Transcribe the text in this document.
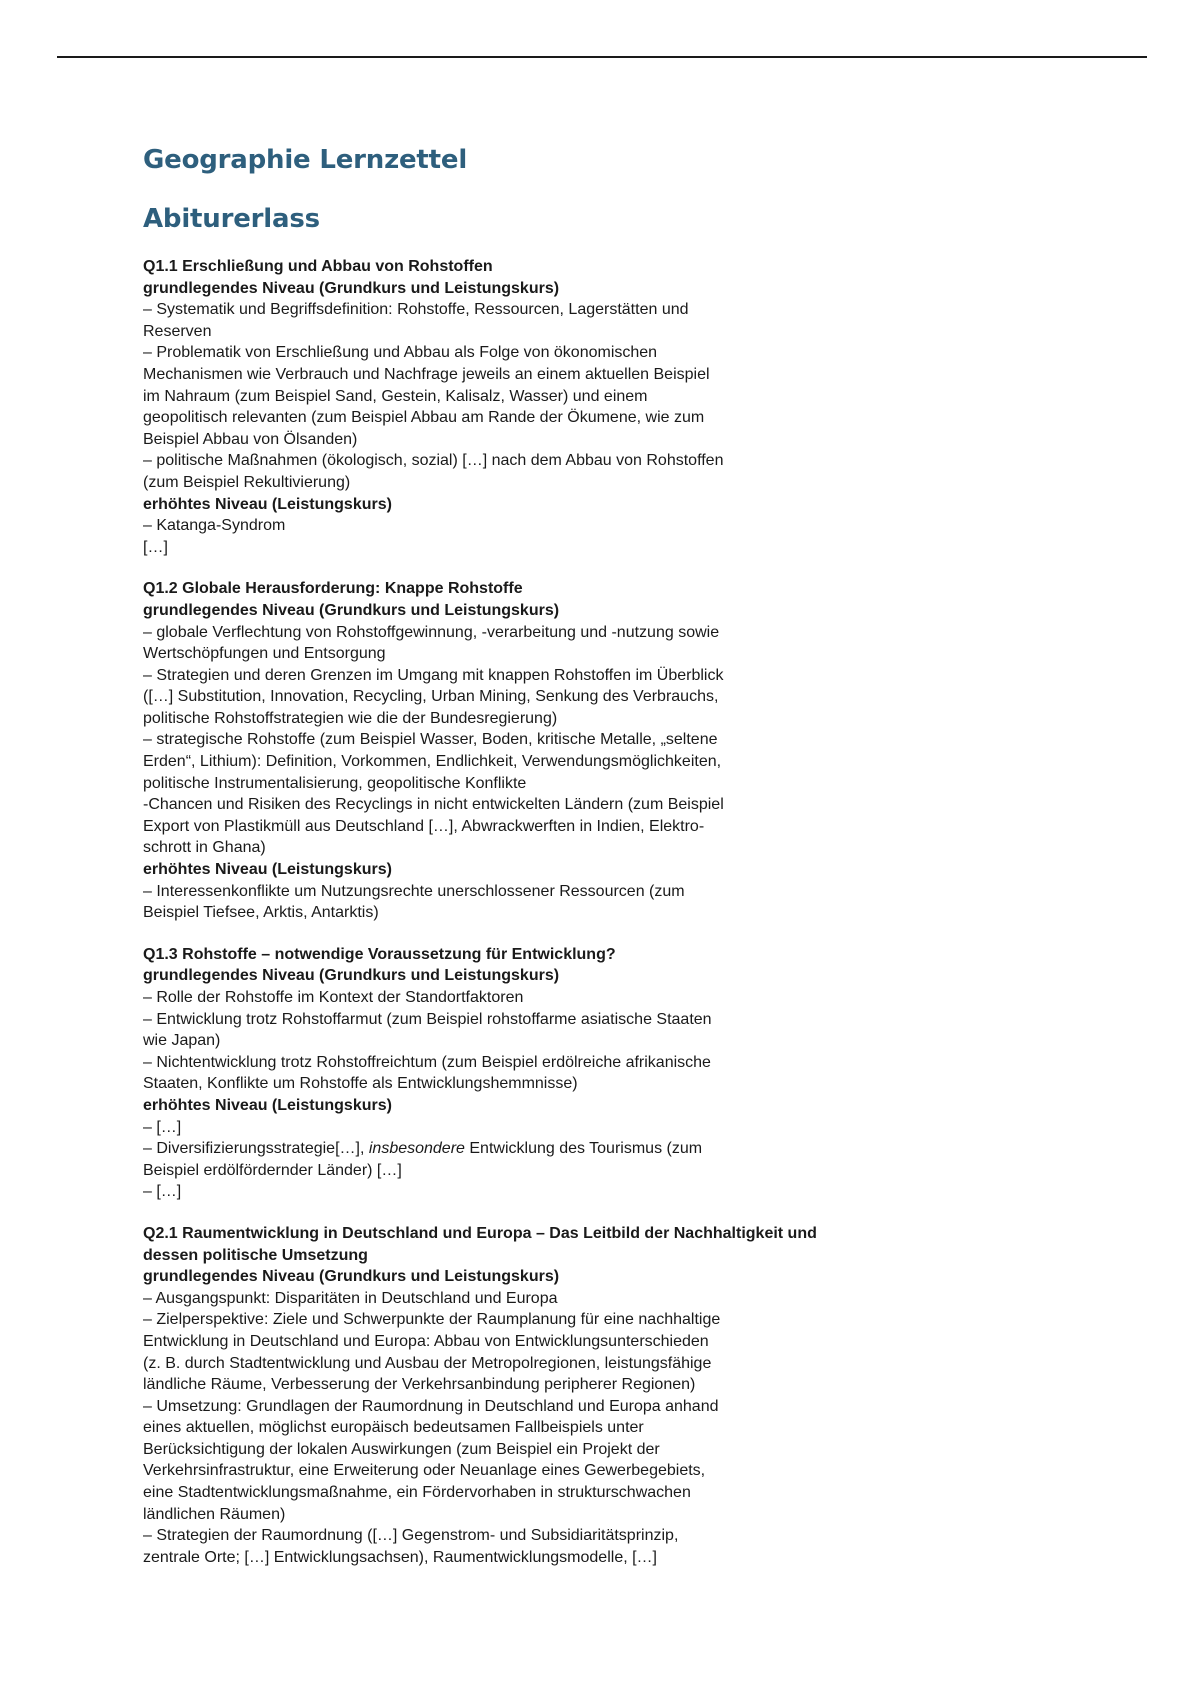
Geographie Lernzettel
Abiturerlass
Q1.1 Erschließung und Abbau von Rohstoffen
grundlegendes Niveau (Grundkurs und Leistungskurs)
– Systematik und Begriffsdefinition: Rohstoffe, Ressourcen, Lagerstätten und
Reserven
– Problematik von Erschließung und Abbau als Folge von ökonomischen
Mechanismen wie Verbrauch und Nachfrage jeweils an einem aktuellen Beispiel
im Nahraum (zum Beispiel Sand, Gestein, Kalisalz, Wasser) und einem
geopolitisch relevanten (zum Beispiel Abbau am Rande der Ökumene, wie zum
Beispiel Abbau von Ölsanden)
– politische Maßnahmen (ökologisch, sozial) […] nach dem Abbau von Rohstoffen
(zum Beispiel Rekultivierung)
erhöhtes Niveau (Leistungskurs)
– Katanga-Syndrom
[…]
Q1.2 Globale Herausforderung: Knappe Rohstoffe
grundlegendes Niveau (Grundkurs und Leistungskurs)
– globale Verflechtung von Rohstoffgewinnung, -verarbeitung und -nutzung sowie
Wertschöpfungen und Entsorgung
– Strategien und deren Grenzen im Umgang mit knappen Rohstoffen im Überblick
([…] Substitution, Innovation, Recycling, Urban Mining, Senkung des Verbrauchs,
politische Rohstoffstrategien wie die der Bundesregierung)
– strategische Rohstoffe (zum Beispiel Wasser, Boden, kritische Metalle, „seltene
Erden“, Lithium): Definition, Vorkommen, Endlichkeit, Verwendungsmöglichkeiten,
politische Instrumentalisierung, geopolitische Konflikte
-Chancen und Risiken des Recyclings in nicht entwickelten Ländern (zum Beispiel
Export von Plastikmüll aus Deutschland […], Abwrackwerften in Indien, Elektro-
schrott in Ghana)
erhöhtes Niveau (Leistungskurs)
– Interessenkonflikte um Nutzungsrechte unerschlossener Ressourcen (zum
Beispiel Tiefsee, Arktis, Antarktis)
Q1.3 Rohstoffe – notwendige Voraussetzung für Entwicklung?
grundlegendes Niveau (Grundkurs und Leistungskurs)
– Rolle der Rohstoffe im Kontext der Standortfaktoren
– Entwicklung trotz Rohstoffarmut (zum Beispiel rohstoffarme asiatische Staaten
wie Japan)
– Nichtentwicklung trotz Rohstoffreichtum (zum Beispiel erdölreiche afrikanische
Staaten, Konflikte um Rohstoffe als Entwicklungshemmnisse)
erhöhtes Niveau (Leistungskurs)
– […]
– Diversifizierungsstrategie[…], insbesondere Entwicklung des Tourismus (zum
Beispiel erdölfördernder Länder) […]
– […]
Q2.1 Raumentwicklung in Deutschland und Europa – Das Leitbild der Nachhaltigkeit und dessen politische Umsetzung
grundlegendes Niveau (Grundkurs und Leistungskurs)
– Ausgangspunkt: Disparitäten in Deutschland und Europa
– Zielperspektive: Ziele und Schwerpunkte der Raumplanung für eine nachhaltige
Entwicklung in Deutschland und Europa: Abbau von Entwicklungsunterschieden
(z. B. durch Stadtentwicklung und Ausbau der Metropolregionen, leistungsfähige
ländliche Räume, Verbesserung der Verkehrsanbindung peripherer Regionen)
– Umsetzung: Grundlagen der Raumordnung in Deutschland und Europa anhand
eines aktuellen, möglichst europäisch bedeutsamen Fallbeispiels unter
Berücksichtigung der lokalen Auswirkungen (zum Beispiel ein Projekt der
Verkehrsinfrastruktur, eine Erweiterung oder Neuanlage eines Gewerbegebiets,
eine Stadtentwicklungsmaßnahme, ein Fördervorhaben in strukturschwachen
ländlichen Räumen)
– Strategien der Raumordnung ([…] Gegenstrom- und Subsidiaritätsprinzip,
zentrale Orte; […] Entwicklungsachsen), Raumentwicklungsmodelle, […]
